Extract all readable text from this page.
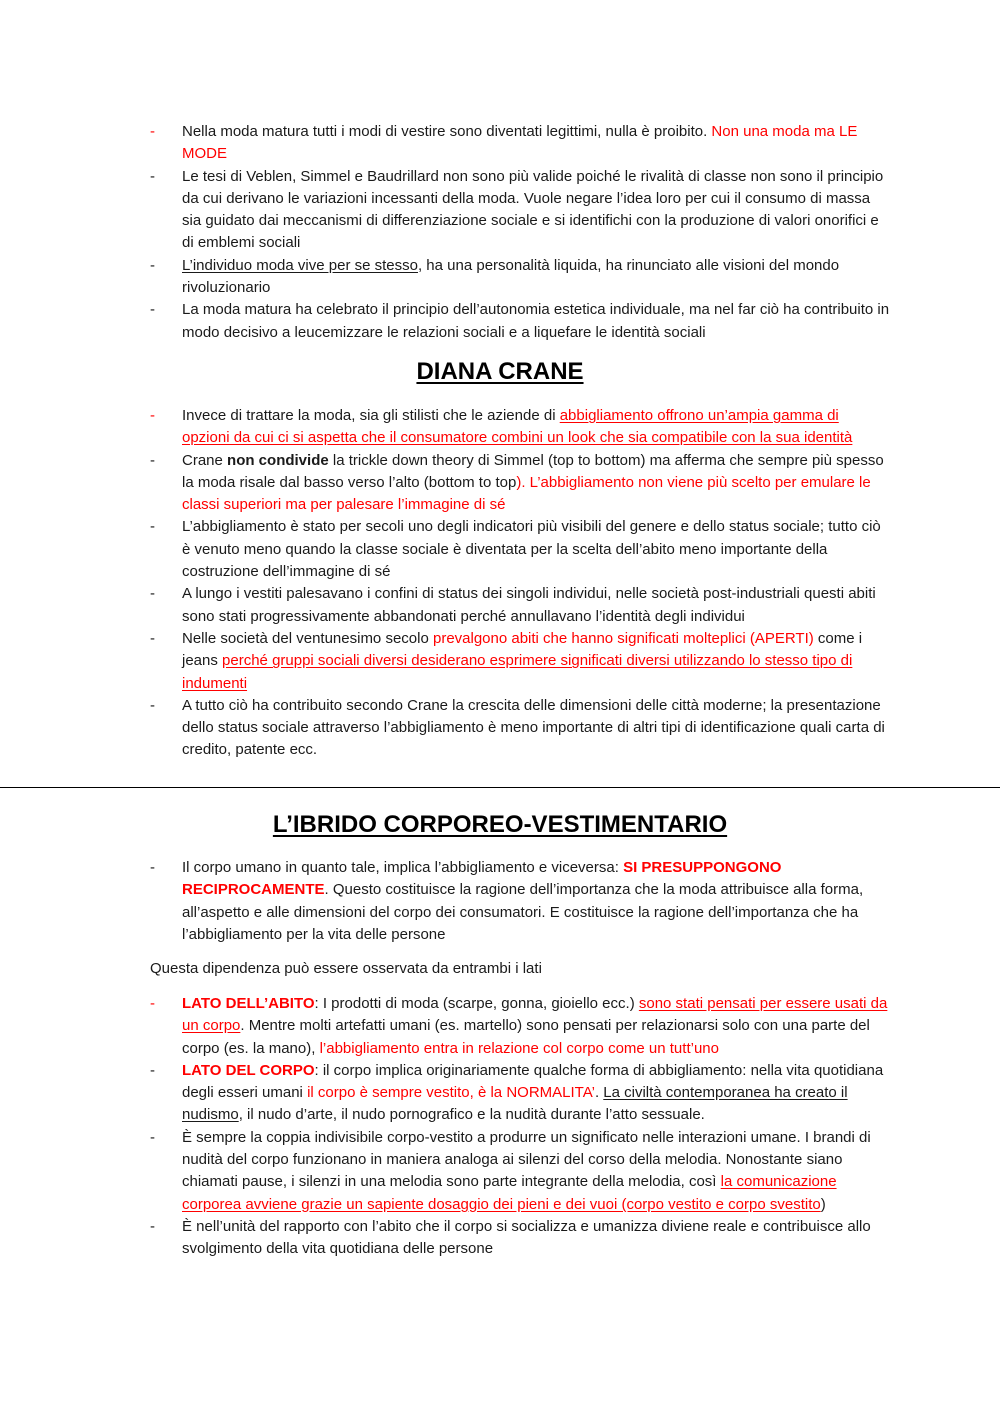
- Nella moda matura tutti i modi di vestire sono diventati legittimi, nulla è proibito. Non una moda ma LE MODE
- Le tesi di Veblen, Simmel e Baudrillard non sono più valide poiché le rivalità di classe non sono il principio da cui derivano le variazioni incessanti della moda. Vuole negare l’idea loro per cui il consumo di massa sia guidato dai meccanismi di differenziazione sociale e si identifichi con la produzione di valori onorifici e di emblemi sociali
- L’individuo moda vive per se stesso, ha una personalità liquida, ha rinunciato alle visioni del mondo rivoluzionario
- La moda matura ha celebrato il principio dell’autonomia estetica individuale, ma nel far ciò ha contribuito in modo decisivo a leucemizzare le relazioni sociali e a liquefare le identità sociali
DIANA CRANE
- Invece di trattare la moda, sia gli stilisti che le aziende di abbigliamento offrono un’ampia gamma di opzioni da cui ci si aspetta che il consumatore combini un look che sia compatibile con la sua identità
- Crane non condivide la trickle down theory di Simmel (top to bottom) ma afferma che sempre più spesso la moda risale dal basso verso l’alto (bottom to top). L’abbigliamento non viene più scelto per emulare le classi superiori ma per palesare l’immagine di sé
- L’abbigliamento è stato per secoli uno degli indicatori più visibili del genere e dello status sociale; tutto ciò è venuto meno quando la classe sociale è diventata per la scelta dell’abito meno importante della costruzione dell’immagine di sé
- A lungo i vestiti palesavano i confini di status dei singoli individui, nelle società post-industriali questi abiti sono stati progressivamente abbandonati perché annullavano l’identità degli individui
- Nelle società del ventunesimo secolo prevalgono abiti che hanno significati molteplici (APERTI) come i jeans perché gruppi sociali diversi desiderano esprimere significati diversi utilizzando lo stesso tipo di indumenti
- A tutto ciò ha contribuito secondo Crane la crescita delle dimensioni delle città moderne; la presentazione dello status sociale attraverso l’abbigliamento è meno importante di altri tipi di identificazione quali carta di credito, patente ecc.
L’IBRIDO CORPOREO-VESTIMENTARIO
- Il corpo umano in quanto tale, implica l’abbigliamento e viceversa: SI PRESUPPONGONO RECIPROCAMENTE. Questo costituisce la ragione dell’importanza che la moda attribuisce alla forma, all’aspetto e alle dimensioni del corpo dei consumatori. E costituisce la ragione dell’importanza che ha l’abbigliamento per la vita delle persone
Questa dipendenza può essere osservata da entrambi i lati
- LATO DELL’ABITO: I prodotti di moda (scarpe, gonna, gioiello ecc.) sono stati pensati per essere usati da un corpo. Mentre molti artefatti umani (es. martello) sono pensati per relazionarsi solo con una parte del corpo (es. la mano), l’abbigliamento entra in relazione col corpo come un tutt’uno
- LATO DEL CORPO: il corpo implica originariamente qualche forma di abbigliamento: nella vita quotidiana degli esseri umani il corpo è sempre vestito, è la NORMALITA’. La civiltà contemporanea ha creato il nudismo, il nudo d’arte, il nudo pornografico e la nudità durante l’atto sessuale.
- È sempre la coppia indivisibile corpo-vestito a produrre un significato nelle interazioni umane. I brandi di nudità del corpo funzionano in maniera analoga ai silenzi del corso della melodia. Nonostante siano chiamati pause, i silenzi in una melodia sono parte integrante della melodia, così la comunicazione corporea avviene grazie un sapiente dosaggio dei pieni e dei vuoi (corpo vestito e corpo svestito)
- È nell’unità del rapporto con l’abito che il corpo si socializza e umanizza diviene reale e contribuisce allo svolgimento della vita quotidiana delle persone
